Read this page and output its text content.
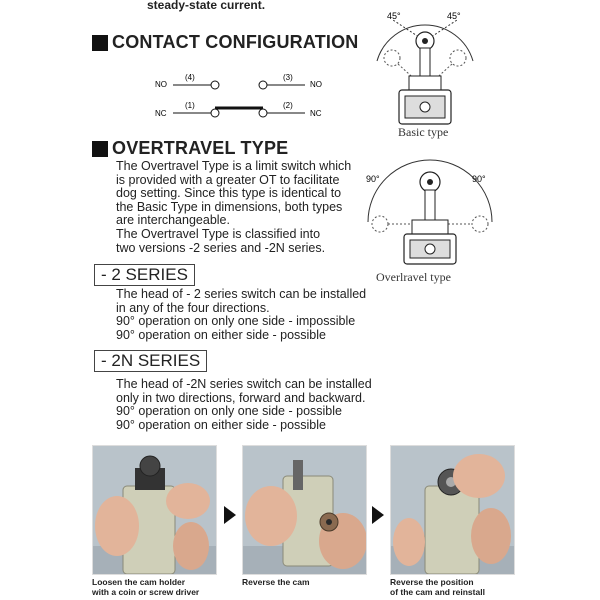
steady-state current.
CONTACT CONFIGURATION
NO
NC
NO
NC
(4)
(1)
(3)
(2)
45°	45°
Basic type
OVERTRAVEL TYPE
The Overtravel Type is a limit switch which
is provided with a greater OT to facilitate
dog setting. Since this type is identical to
the Basic Type in dimensions, both types
are interchangeable.
The Overtravel Type is classified into
two versions -2 series and -2N series.
90°	90°
Overlravel type
- 2 SERIES
The head of - 2 series switch can be installed
in any of the four directions.
90° operation on only one side - impossible
90° operation on either side - possible
- 2N SERIES
The head of -2N series switch can be installed
only in two directions, forward and backward.
90° operation on only one side - possible
90° operation on either side - possible
Loosen the cam holder
with a coin or screw driver
Reverse the cam	Reverse the position
of the cam and reinstall
